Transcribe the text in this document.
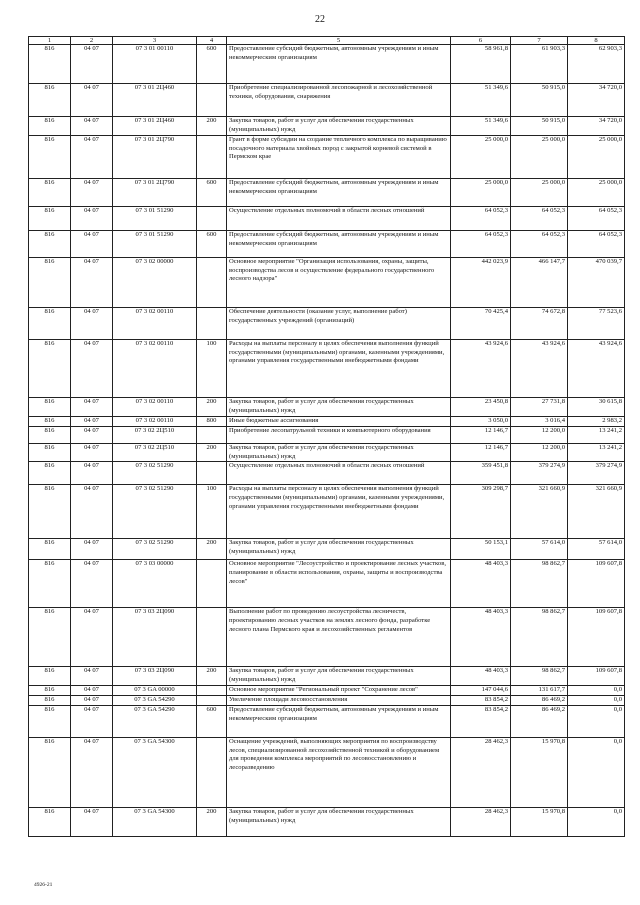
22
1	2	3	4	5	6	7	8
816	04 07	07 3 01 00110	600	Предоставление субсидий бюджетным, автономным учреждениям и иным некоммерческим организациям	58 961,8	61 903,3	62 903,3
816	04 07	07 3 01 2Ц460		Приобретение специализированной лесопожарной и лесохозяйственной техники, оборудования, снаряжения	51 349,6	50 915,0	34 720,0
816	04 07	07 3 01 2Ц460	200	Закупка товаров, работ и услуг для обеспечения государственных (муниципальных) нужд	51 349,6	50 915,0	34 720,0
816	04 07	07 3 01 2Ц790		Грант в форме субсидии на создание тепличного комплекса по выращиванию посадочного материала хвойных пород с закрытой корневой системой в Пермском крае	25 000,0	25 000,0	25 000,0
816	04 07	07 3 01 2Ц790	600	Предоставление субсидий бюджетным, автономным учреждениям и иным некоммерческим организациям	25 000,0	25 000,0	25 000,0
816	04 07	07 3 01 51290		Осуществление отдельных полномочий в области лесных отношений	64 052,3	64 052,3	64 052,3
816	04 07	07 3 01 51290	600	Предоставление субсидий бюджетным, автономным учреждениям и иным некоммерческим организациям	64 052,3	64 052,3	64 052,3
816	04 07	07 3 02 00000		Основное мероприятие "Организация использования, охраны, защиты, воспроизводства лесов и осуществление федерального государственного лесного надзора"	442 023,9	466 147,7	470 039,7
816	04 07	07 3 02 00110		Обеспечение деятельности (оказание услуг, выполнение работ) государственных учреждений (организаций)	70 425,4	74 672,8	77 523,6
816	04 07	07 3 02 00110	100	Расходы на выплаты персоналу в целях обеспечения выполнения функций государственными (муниципальными) органами, казенными учреждениями, органами управления государственными внебюджетными фондами	43 924,6	43 924,6	43 924,6
816	04 07	07 3 02 00110	200	Закупка товаров, работ и услуг для обеспечения государственных (муниципальных) нужд	23 450,8	27 731,8	30 615,8
816	04 07	07 3 02 00110	800	Иные бюджетные ассигнования	3 050,0	3 016,4	2 983,2
816	04 07	07 3 02 2Ц510		Приобретение лесопатрульной техники и компьютерного оборудования	12 146,7	12 200,0	13 241,2
816	04 07	07 3 02 2Ц510	200	Закупка товаров, работ и услуг для обеспечения государственных (муниципальных) нужд	12 146,7	12 200,0	13 241,2
816	04 07	07 3 02 51290		Осуществление отдельных полномочий в области лесных отношений	359 451,8	379 274,9	379 274,9
816	04 07	07 3 02 51290	100	Расходы на выплаты персоналу в целях обеспечения выполнения функций государственными (муниципальными) органами, казенными учреждениями, органами управления государственными внебюджетными фондами	309 298,7	321 660,9	321 660,9
816	04 07	07 3 02 51290	200	Закупка товаров, работ и услуг для обеспечения государственных (муниципальных) нужд	50 153,1	57 614,0	57 614,0
816	04 07	07 3 03 00000		Основное мероприятие "Лесоустройство и проектирование лесных участков, планирование в области использования, охраны, защиты и воспроизводства лесов"	48 403,3	98 862,7	109 607,8
816	04 07	07 3 03 2Ц090		Выполнение работ по проведению лесоустройства лесничеств, проектированию лесных участков на землях лесного фонда, разработке лесного плана Пермского края и лесохозяйственных регламентов	48 403,3	98 862,7	109 607,8
816	04 07	07 3 03 2Ц090	200	Закупка товаров, работ и услуг для обеспечения государственных (муниципальных) нужд	48 403,3	98 862,7	109 607,8
816	04 07	07 3 GA 00000		Основное мероприятие "Региональный проект "Сохранение лесов"	147 044,6	131 617,7	0,0
816	04 07	07 3 GA 54290		Увеличение площади лесовосстановления	83 854,2	86 469,2	0,0
816	04 07	07 3 GA 54290	600	Предоставление субсидий бюджетным, автономным учреждениям и иным некоммерческим организациям	83 854,2	86 469,2	0,0
816	04 07	07 3 GA 54300		Оснащение учреждений, выполняющих мероприятия по воспроизводству лесов, специализированной лесохозяйственной техникой и оборудованием для проведения комплекса мероприятий по лесовосстановлению и лесоразведению	28 462,3	15 970,8	0,0
816	04 07	07 3 GA 54300	200	Закупка товаров, работ и услуг для обеспечения государственных (муниципальных) нужд	28 462,3	15 970,8	0,0
4926-21
